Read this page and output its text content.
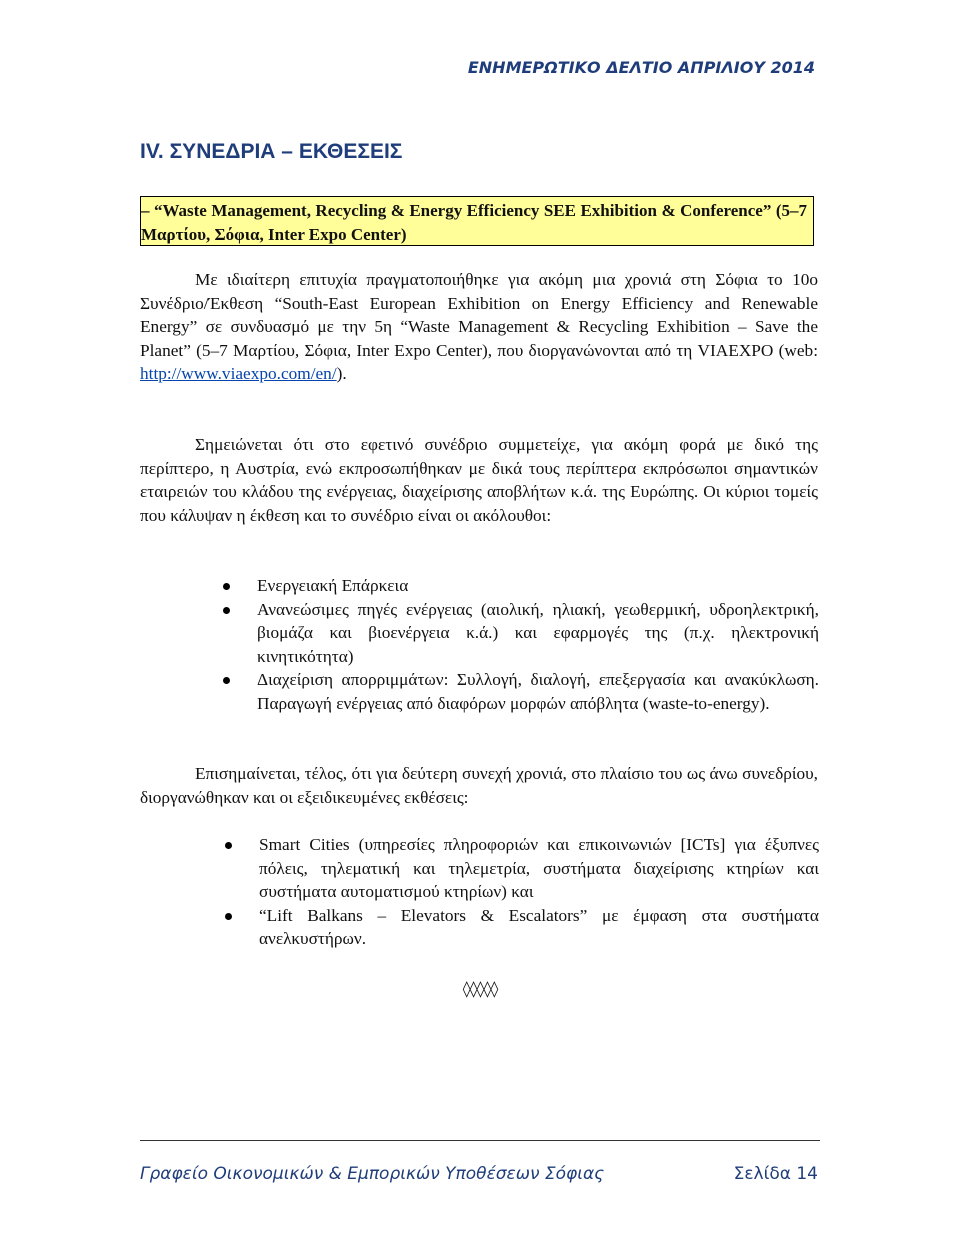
ΕΝΗΜΕΡΩΤΙΚΟ ΔΕΛΤΙΟ ΑΠΡΙΛΙΟΥ 2014
IV. ΣΥΝΕΔΡΙΑ – ΕΚΘΕΣΕΙΣ
– “Waste Management, Recycling & Energy Efficiency SEE Exhibition & Conference” (5–7 Μαρτίου, Σόφια, Inter Expo Center)
Με ιδιαίτερη επιτυχία πραγματοποιήθηκε για ακόμη μια χρονιά στη Σόφια το 10ο Συνέδριο/Έκθεση “South-East European Exhibition on Energy Efficiency and Renewable Energy” σε συνδυασμό με την 5η “Waste Management & Recycling Exhibition – Save the Planet” (5–7 Μαρτίου, Σόφια, Inter Expo Center), που διοργανώνονται από τη VIAEXPO (web: http://www.viaexpo.com/en/).
Σημειώνεται ότι στο εφετινό συνέδριο συμμετείχε, για ακόμη φορά με δικό της περίπτερο, η Αυστρία, ενώ εκπροσωπήθηκαν με δικά τους περίπτερα εκπρόσωποι σημαντικών εταιρειών του κλάδου της ενέργειας, διαχείρισης αποβλήτων κ.ά. της Ευρώπης. Οι κύριοι τομείς που κάλυψαν η έκθεση και το συνέδριο είναι οι ακόλουθοι:
Ενεργειακή Επάρκεια
Ανανεώσιμες πηγές ενέργειας (αιολική, ηλιακή, γεωθερμική, υδροηλεκτρική, βιομάζα και βιοενέργεια κ.ά.) και εφαρμογές της (π.χ. ηλεκτρονική κινητικότητα)
Διαχείριση απορριμμάτων: Συλλογή, διαλογή, επεξεργασία και ανακύκλωση. Παραγωγή ενέργειας από διαφόρων μορφών απόβλητα (waste-to-energy).
Επισημαίνεται, τέλος, ότι για δεύτερη συνεχή χρονιά, στο πλαίσιο του ως άνω συνεδρίου, διοργανώθηκαν και οι εξειδικευμένες εκθέσεις:
Smart Cities (υπηρεσίες πληροφοριών και επικοινωνιών [ICTs] για έξυπνες πόλεις, τηλεματική και τηλεμετρία, συστήματα διαχείρισης κτηρίων και συστήματα αυτοματισμού κτηρίων) και
“Lift Balkans – Elevators & Escalators” με έμφαση στα συστήματα ανελκυστήρων.
◊◊◊◊◊
Γραφείο Οικονομικών & Εμπορικών Υποθέσεων Σόφιας	Σελίδα 14
